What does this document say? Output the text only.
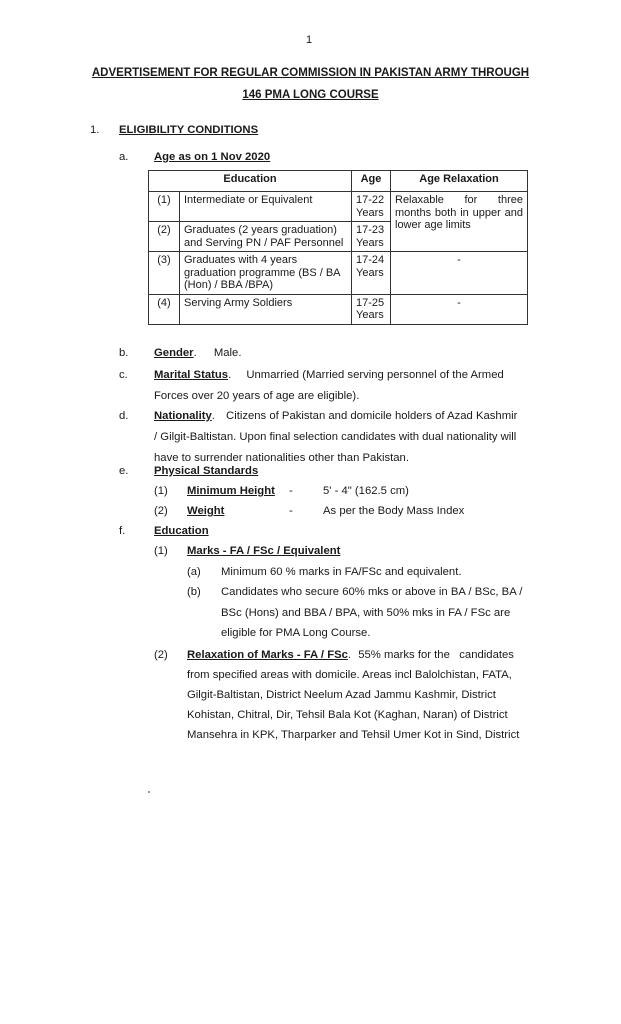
1
ADVERTISEMENT FOR REGULAR COMMISSION IN PAKISTAN ARMY THROUGH
146 PMA LONG COURSE
1. ELIGIBILITY CONDITIONS
a. Age as on 1 Nov 2020
Education		Age	Age Relaxation
(1)	Intermediate or Equivalent	17-22 Years	Relaxable for three months both in upper and lower age limits
(2)	Graduates (2 years graduation) and Serving PN / PAF Personnel	17-23 Years	
(3)	Graduates with 4 years graduation programme (BS / BA (Hon) / BBA /BPA)	17-24 Years	-
(4)	Serving Army Soldiers	17-25 Years	-
b. Gender. Male.
c. Marital Status. Unmarried (Married serving personnel of the Armed
Forces over 20 years of age are eligible).
d. Nationality. Citizens of Pakistan and domicile holders of Azad Kashmir
/ Gilgit-Baltistan. Upon final selection candidates with dual nationality will
have to surrender nationalities other than Pakistan.
e. Physical Standards
(1) Minimum Height -	5' - 4" (162.5 cm)
(2) Weight	-	As per the Body Mass Index
f.	Education
(1) Marks - FA / FSc / Equivalent
(a) Minimum 60 % marks in FA/FSc and equivalent.
(b) Candidates who secure 60% mks or above in BA / BSc, BA /
BSc (Hons) and BBA / BPA, with 50% mks in FA / FSc are
eligible for PMA Long Course.
(2) Relaxation of Marks - FA / FSc. 55% marks for the   candidates
from specified areas with domicile. Areas incl Balolchistan, FATA,
Gilgit-Baltistan, District Neelum Azad Jammu Kashmir, District
Kohistan, Chitral, Dir, Tehsil Bala Kot (Kaghan, Naran) of District
Mansehra in KPK, Tharparker and Tehsil Umer Kot in Sind, District
